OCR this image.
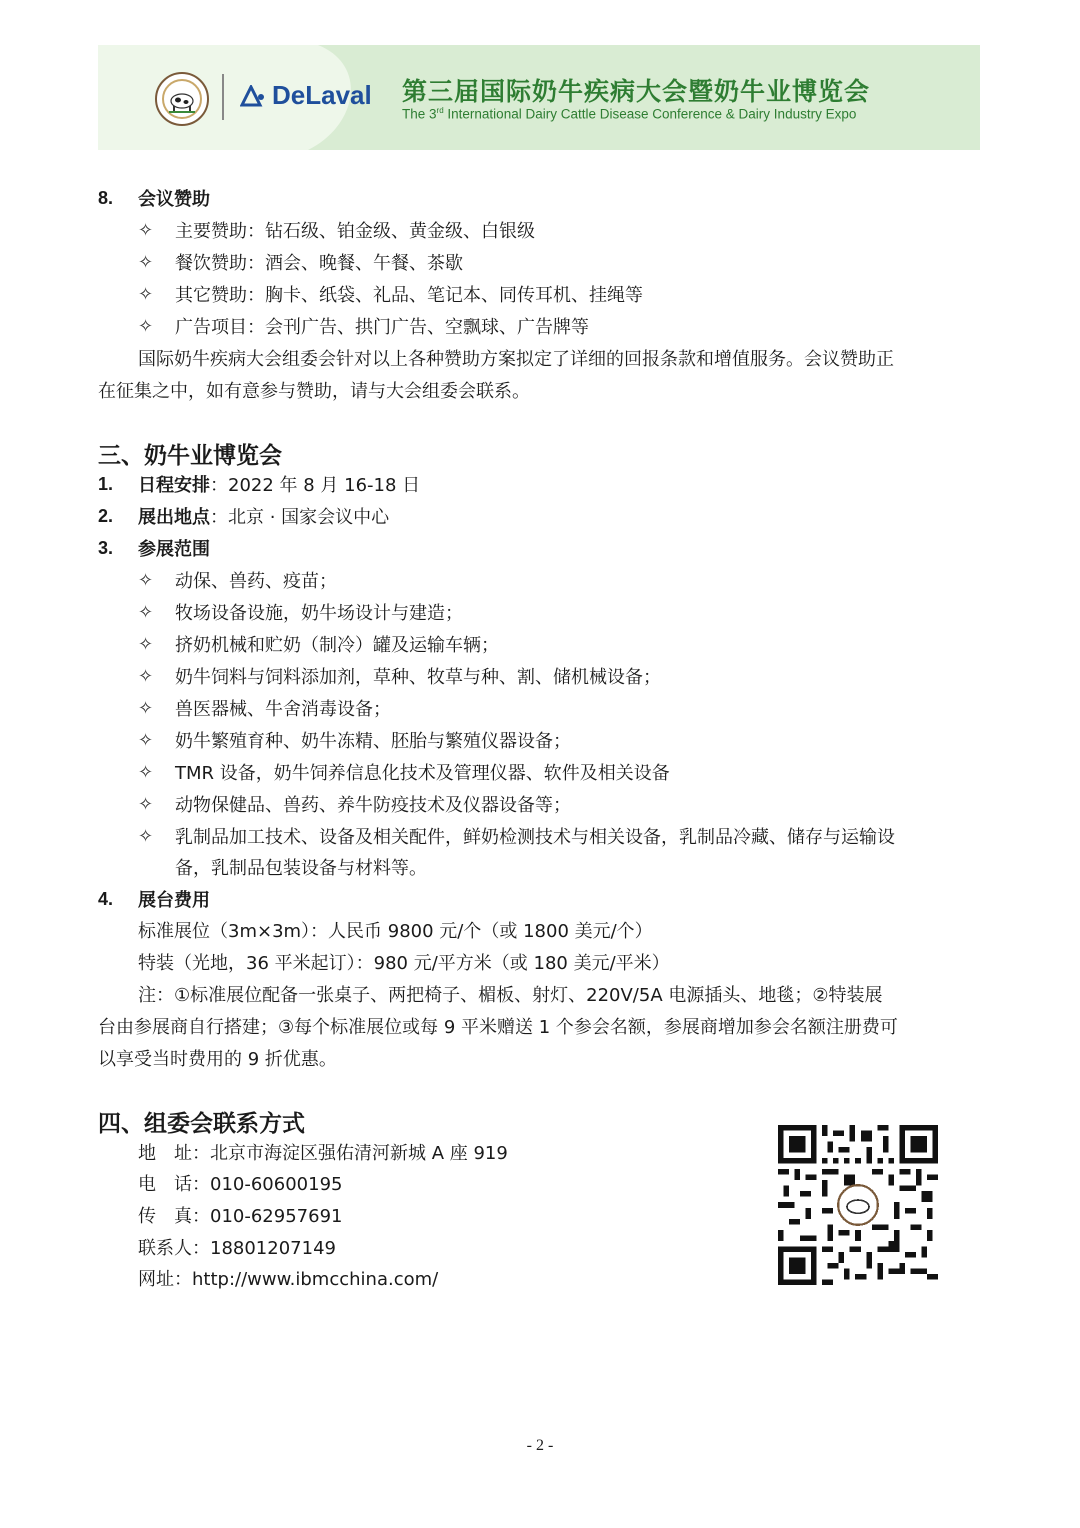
DeLaval 第三届国际奶牛疾病大会暨奶牛业博览会
The 3rd International Dairy Cattle Disease Conference & Dairy Industry Expo
8. 会议赞助
✧ 主要赞助：钻石级、铂金级、黄金级、白银级
✧ 餐饮赞助：酒会、晚餐、午餐、茶歇
✧ 其它赞助：胸卡、纸袋、礼品、笔记本、同传耳机、挂绳等
✧ 广告项目：会刊广告、拱门广告、空飘球、广告牌等
国际奶牛疾病大会组委会针对以上各种赞助方案拟定了详细的回报条款和增值服务。会议赞助正
在征集之中，如有意参与赞助，请与大会组委会联系。
三、奶牛业博览会
1. 日程安排：2022 年 8 月 16-18 日
2. 展出地点：北京 · 国家会议中心
3. 参展范围
✧ 动保、兽药、疫苗；
✧ 牧场设备设施，奶牛场设计与建造；
✧ 挤奶机械和贮奶（制冷）罐及运输车辆；
✧ 奶牛饲料与饲料添加剂，草种、牧草与种、割、储机械设备；
✧ 兽医器械、牛舍消毒设备；
✧ 奶牛繁殖育种、奶牛冻精、胚胎与繁殖仪器设备；
✧ TMR 设备，奶牛饲养信息化技术及管理仪器、软件及相关设备
✧ 动物保健品、兽药、养牛防疫技术及仪器设备等；
✧ 乳制品加工技术、设备及相关配件，鲜奶检测技术与相关设备，乳制品冷藏、储存与运输设
备，乳制品包装设备与材料等。
4. 展台费用
标准展位（3m×3m）：人民币 9800 元/个（或 1800 美元/个）
特装（光地，36 平米起订）：980 元/平方米（或 180 美元/平米）
注：①标准展位配备一张桌子、两把椅子、楣板、射灯、220V/5A 电源插头、地毯；②特装展
台由参展商自行搭建；③每个标准展位或每 9 平米赠送 1 个参会名额，参展商增加参会名额注册费可
以享受当时费用的 9 折优惠。
四、组委会联系方式
地　址：北京市海淀区强佑清河新城 A 座 919
电　话：010-60600195
传　真：010-62957691
联系人：18801207149
网址：http://www.ibmcchina.com/
- 2 -
